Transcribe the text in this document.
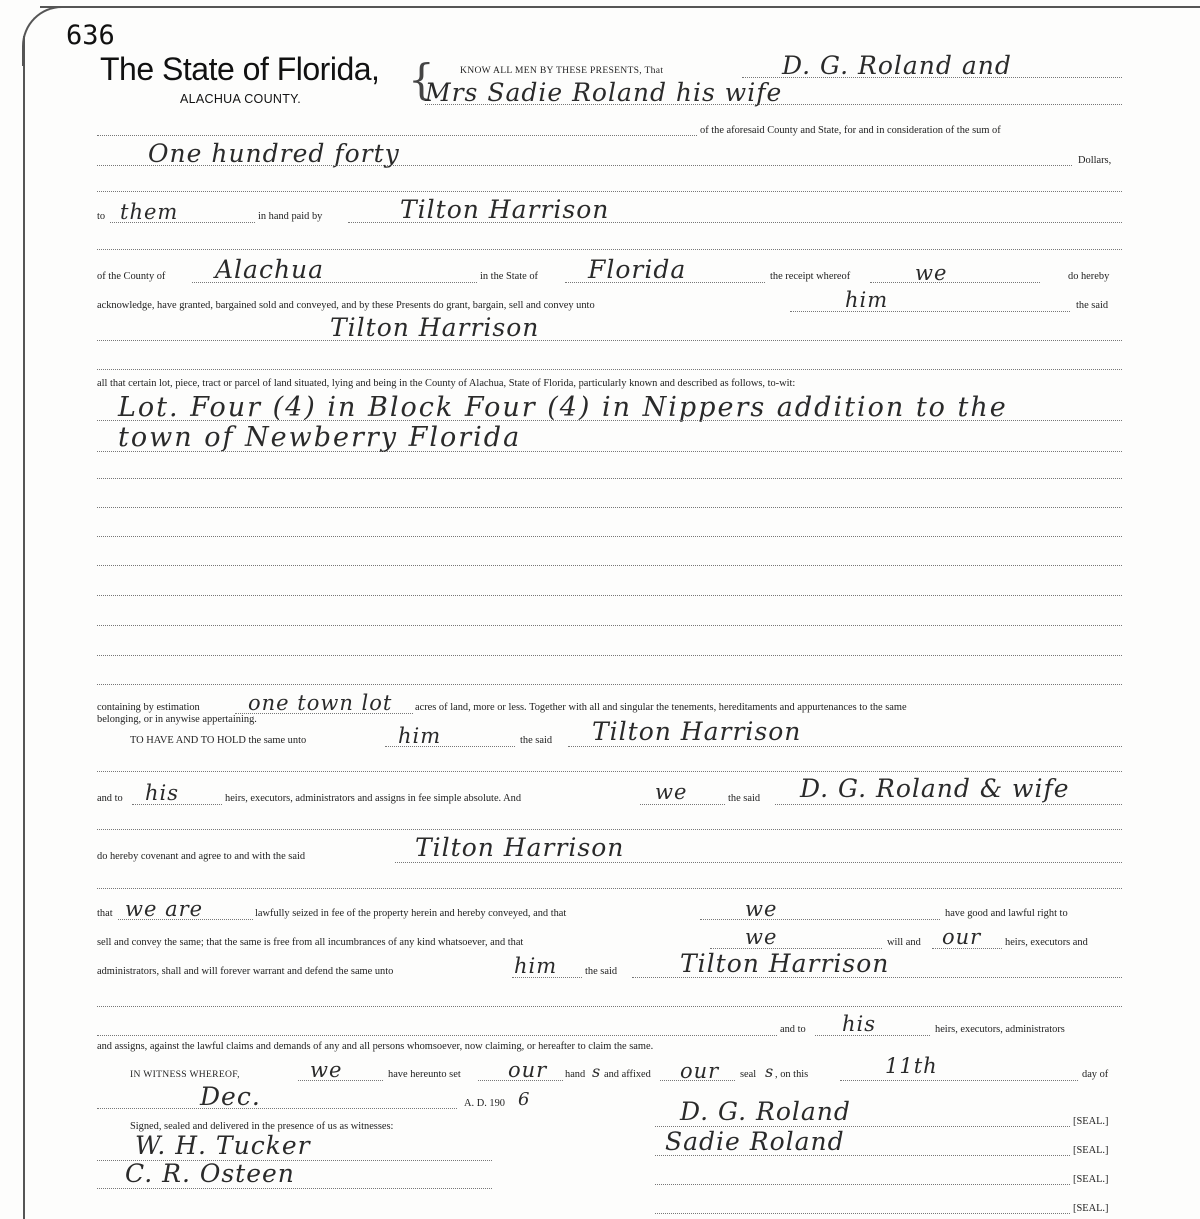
636
The State of Florida,
ALACHUA COUNTY.	{	KNOW ALL MEN BY THESE PRESENTS, That	D. G. Roland and
Mrs Sadie Roland his wife
of the aforesaid County and State, for and in consideration of the sum of
One hundred forty	Dollars,
to them	in hand paid by	Tilton Harrison
of the County of Alachua	in the State of Florida	the receipt whereof	we	do hereby
acknowledge, have granted, bargained sold and conveyed, and by these Presents do grant, bargain, sell and convey unto	him	the said
Tilton Harrison
all that certain lot, piece, tract or parcel of land situated, lying and being in the County of Alachua, State of Florida, particularly known and described as follows, to-wit:
Lot. Four (4) in Block Four (4) in Nippers addition to the
town of Newberry Florida
containing by estimation one town lot acres of land, more or less. Together with all and singular the tenements, hereditaments and appurtenances to the same
belonging, or in anywise appertaining.
TO HAVE AND TO HOLD the same unto	him	the said Tilton Harrison
and to his	heirs, executors, administrators and assigns in fee simple absolute. And	we	the said D. G. Roland & wife
do hereby covenant and agree to and with the said	Tilton Harrison
that we are	lawfully seized in fee of the property herein and hereby conveyed, and that	we	have good and lawful right to
sell and convey the same; that the same is free from all incumbrances of any kind whatsoever, and that	we	will and our heirs, executors and
administrators, shall and will forever warrant and defend the same unto	him	the said	Tilton Harrison
and to his	heirs, executors, administrators
and assigns, against the lawful claims and demands of any and all persons whomsoever, now claiming, or hereafter to claim the same.
IN WITNESS WHEREOF,	we	have hereunto set our hand s and affixed our seal s , on this	11th	day of
Dec.	A. D. 190 6
Signed, sealed and delivered in the presence of us as witnesses:
W. H. Tucker
C. R. Osteen
D. G. Roland	[SEAL.]
Sadie Roland	[SEAL.]
[SEAL.]
[SEAL.]
